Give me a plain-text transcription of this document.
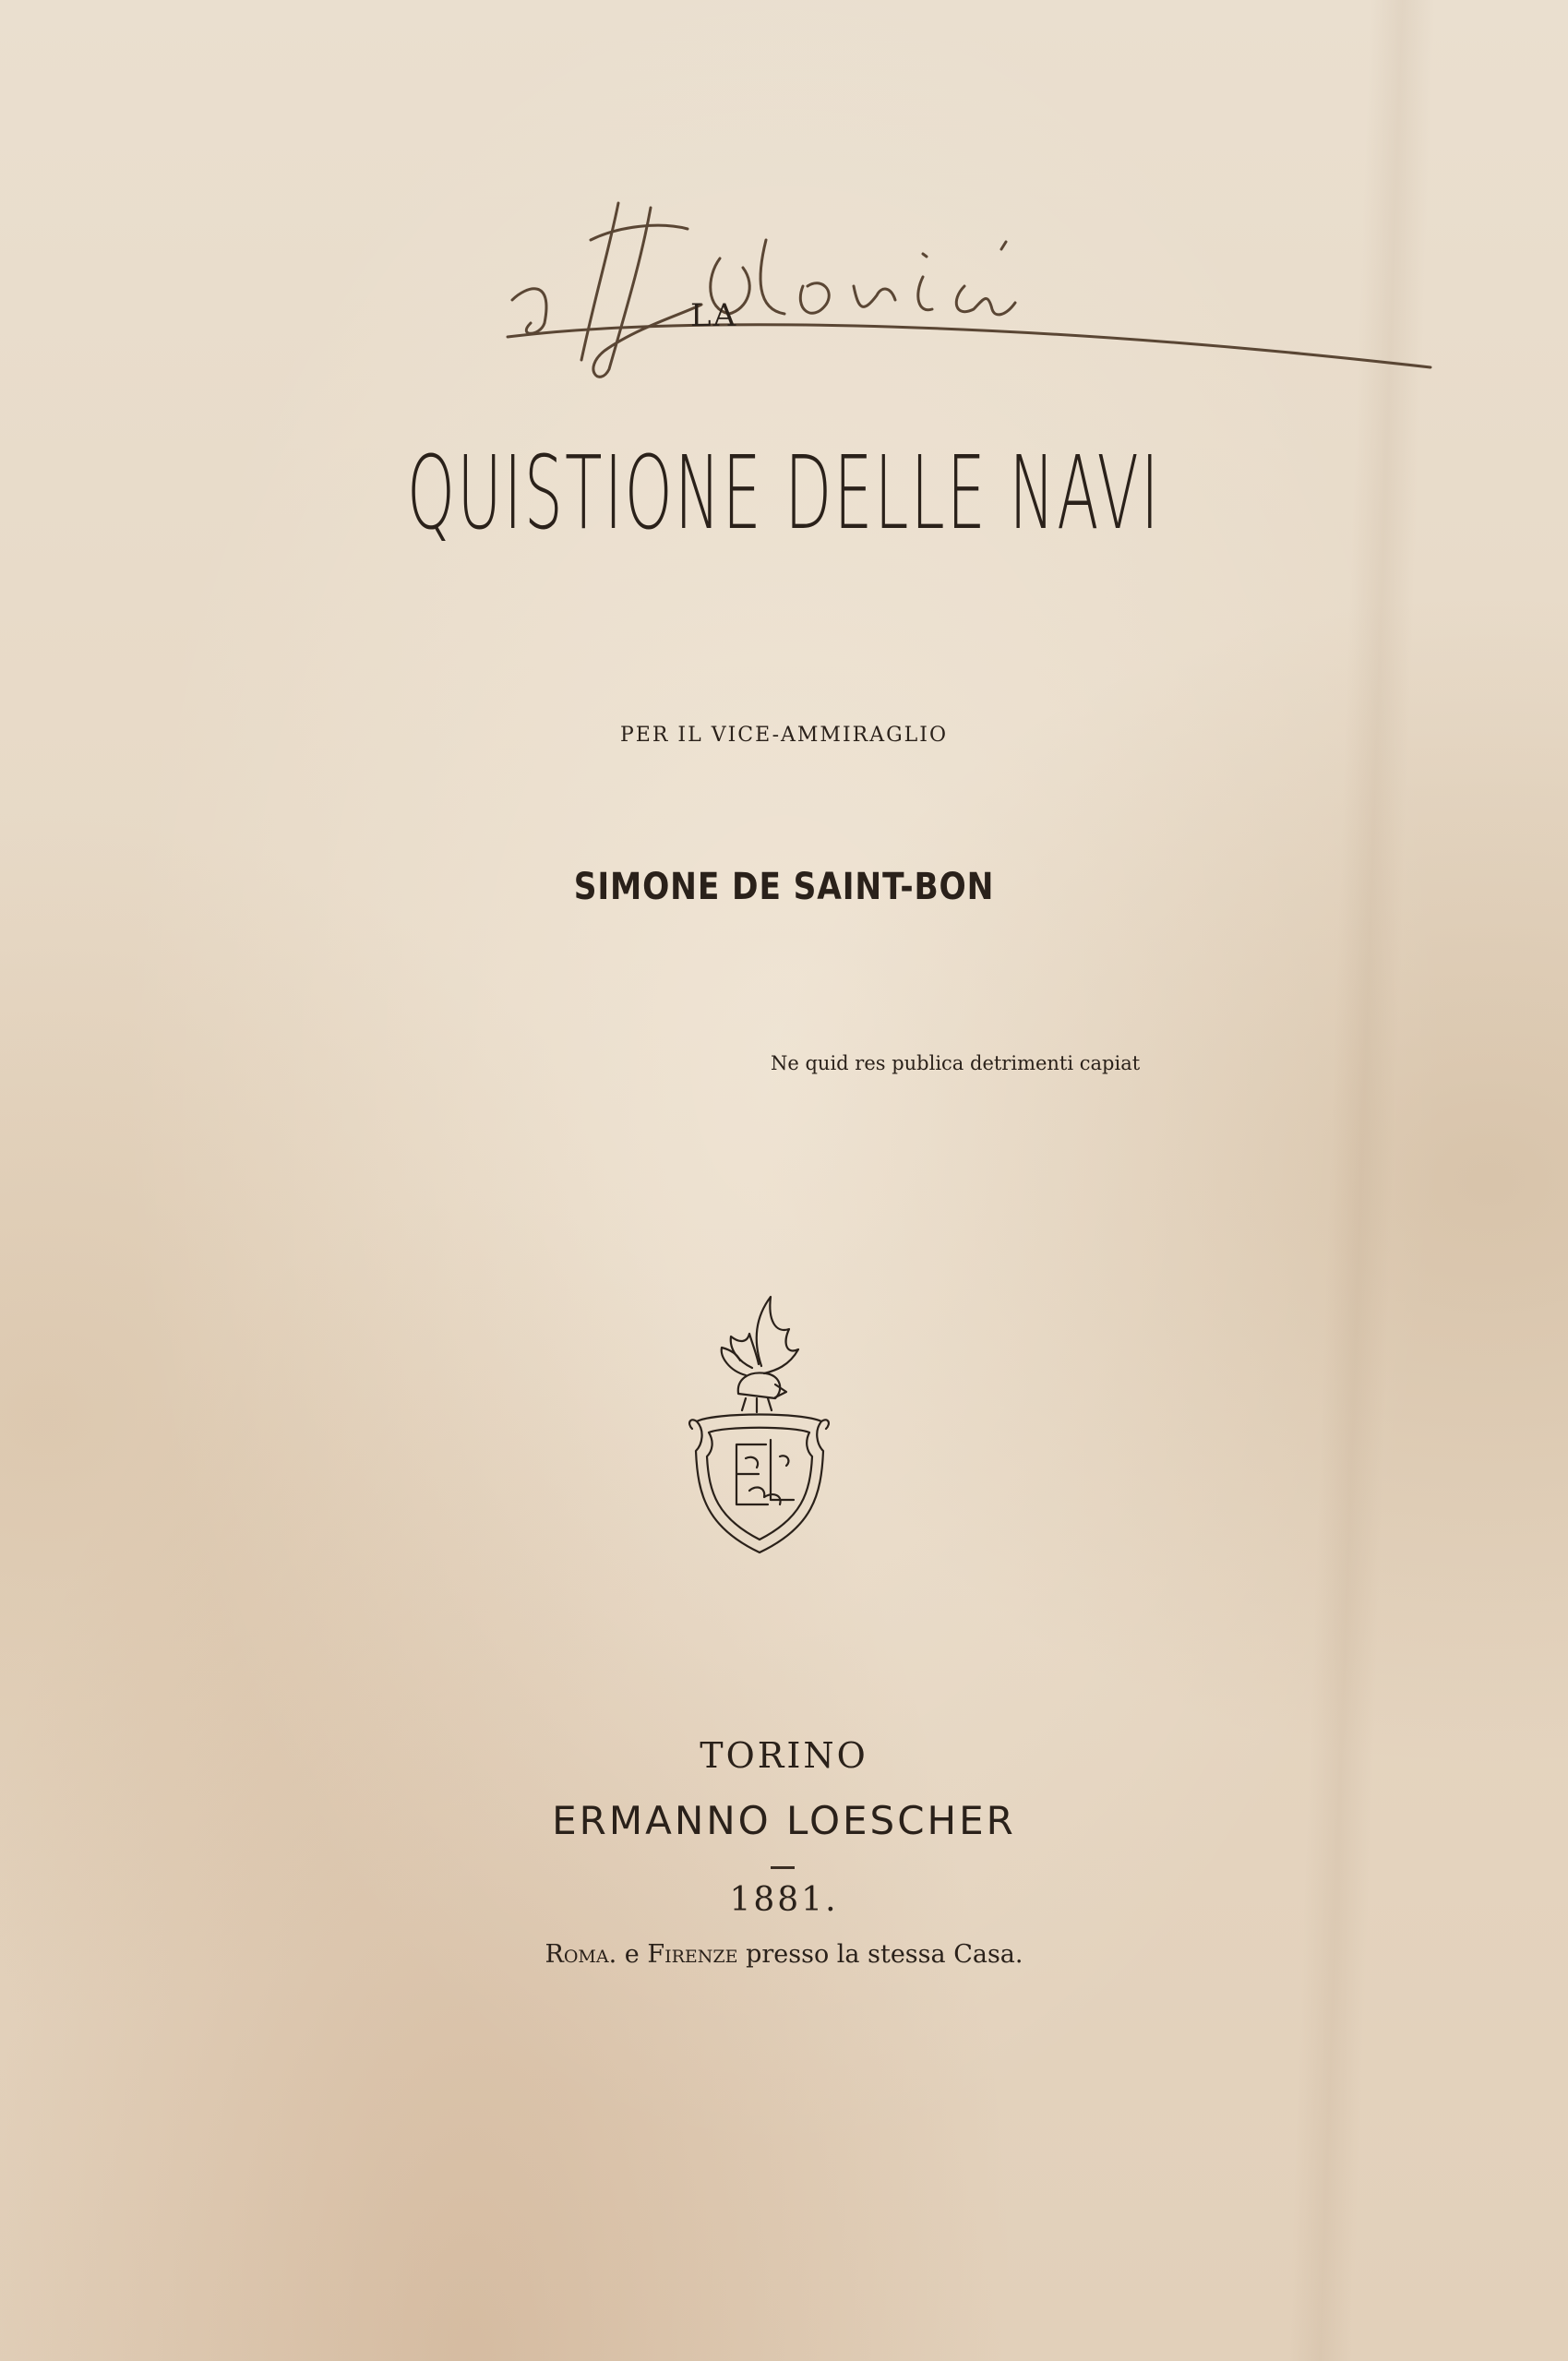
LA
QUISTIONE DELLE NAVI

PER IL VICE-AMMIRAGLIO

SIMONE DE SAINT-BON

Ne quid res publica detrimenti capiat

TORINO

ERMANNO LOESCHER

1881.

Roma. e Firenze presso la stessa Casa.
